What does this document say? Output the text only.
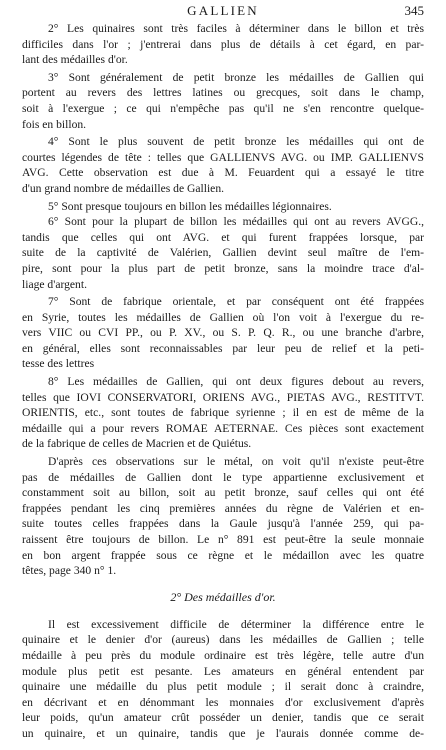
GALLIEN	345
2° Les quinaires sont très faciles à déterminer dans le billon et très
difficiles dans l'or ; j'entrerai dans plus de détails à cet égard, en par-
lant des médailles d'or.
3° Sont généralement de petit bronze les médailles de Gallien qui
portent au revers des lettres latines ou grecques, soit dans le champ,
soit à l'exergue ; ce qui n'empêche pas qu'il ne s'en rencontre quelque-
fois en billon.
4° Sont le plus souvent de petit bronze les médailles qui ont de
courtes légendes de tête : telles que GALLIENVS AVG. ou IMP. GALLIENVS
AVG. Cette observation est due à M. Feuardent qui a essayé le titre
d'un grand nombre de médailles de Gallien.
5° Sont presque toujours en billon les médailles légionnaires.
6° Sont pour la plupart de billon les médailles qui ont au revers AVGG.,
tandis que celles qui ont AVG. et qui furent frappées lorsque, par
suite de la captivité de Valérien, Gallien devint seul maître de l'em-
pire, sont pour la plus part de petit bronze, sans la moindre trace d'al-
liage d'argent.
7° Sont de fabrique orientale, et par conséquent ont été frappées
en Syrie, toutes les médailles de Gallien où l'on voit à l'exergue du re-
vers VIIC ou CVI PP., ou P. XV., ou S. P. Q. R., ou une branche d'arbre,
en général, elles sont reconnaissables par leur peu de relief et la peti-
tesse des lettres
8° Les médailles de Gallien, qui ont deux figures debout au revers,
telles que IOVI CONSERVATORI, ORIENS AVG., PIETAS AVG., RESTITVT.
ORIENTIS, etc., sont toutes de fabrique syrienne ; il en est de même de la
médaille qui a pour revers ROMAE AETERNAE. Ces pièces sont exactement
de la fabrique de celles de Macrien et de Quiétus.
D'après ces observations sur le métal, on voit qu'il n'existe peut-être
pas de médailles de Gallien dont le type appartienne exclusivement et
constamment soit au billon, soit au petit bronze, sauf celles qui ont été
frappées pendant les cinq premières années du règne de Valérien et en-
suite toutes celles frappées dans la Gaule jusqu'à l'année 259, qui pa-
raissent être toujours de billon. Le n° 891 est peut-être la seule monnaie
en bon argent frappée sous ce règne et le médaillon avec les quatre
têtes, page 340 n° 1.
2° Des médailles d'or.
Il est excessivement difficile de déterminer la différence entre le
quinaire et le denier d'or (aureus) dans les médailles de Gallien ; telle
médaille à peu près du module ordinaire est très légère, telle autre d'un
module plus petit est pesante. Les amateurs en général entendent par
quinaire une médaille du plus petit module ; il serait donc à craindre,
en décrivant et en dénommant les monnaies d'or exclusivement d'après
leur poids, qu'un amateur crût posséder un denier, tandis que ce serait
un quinaire, et un quinaire, tandis que je l'aurais donnée comme de-
